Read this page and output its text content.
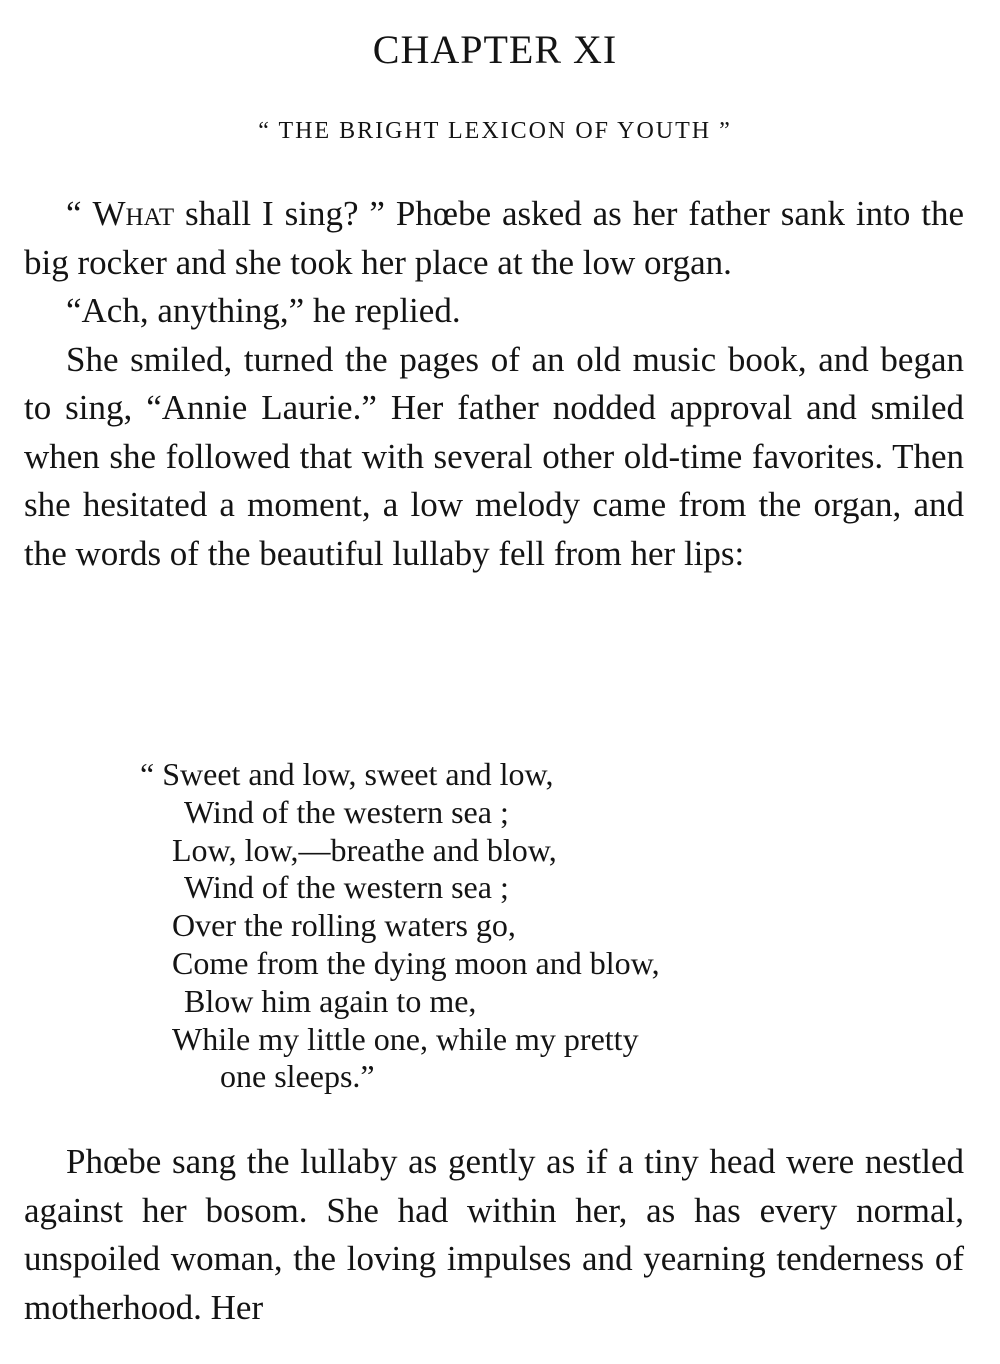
CHAPTER XI
“ THE BRIGHT LEXICON OF YOUTH ”

“ What shall I sing? ” Phœbe asked as her father sank into the big rocker and she took her place at the low organ.

“Ach, anything,” he replied.

She smiled, turned the pages of an old music book, and began to sing, “Annie Laurie.” Her father nodded approval and smiled when she followed that with several other old-time favorites. Then she hesitated a moment, a low melody came from the organ, and the words of the beautiful lullaby fell from her lips:

“ Sweet and low, sweet and low,
Wind of the western sea ;
Low, low,—breathe and blow,
Wind of the western sea ;
Over the rolling waters go,
Come from the dying moon and blow,
Blow him again to me,
While my little one, while my pretty
one sleeps.”

Phœbe sang the lullaby as gently as if a tiny head were nestled against her bosom. She had within her, as has every normal, unspoiled woman, the loving impulses and yearning tenderness of motherhood. Her
